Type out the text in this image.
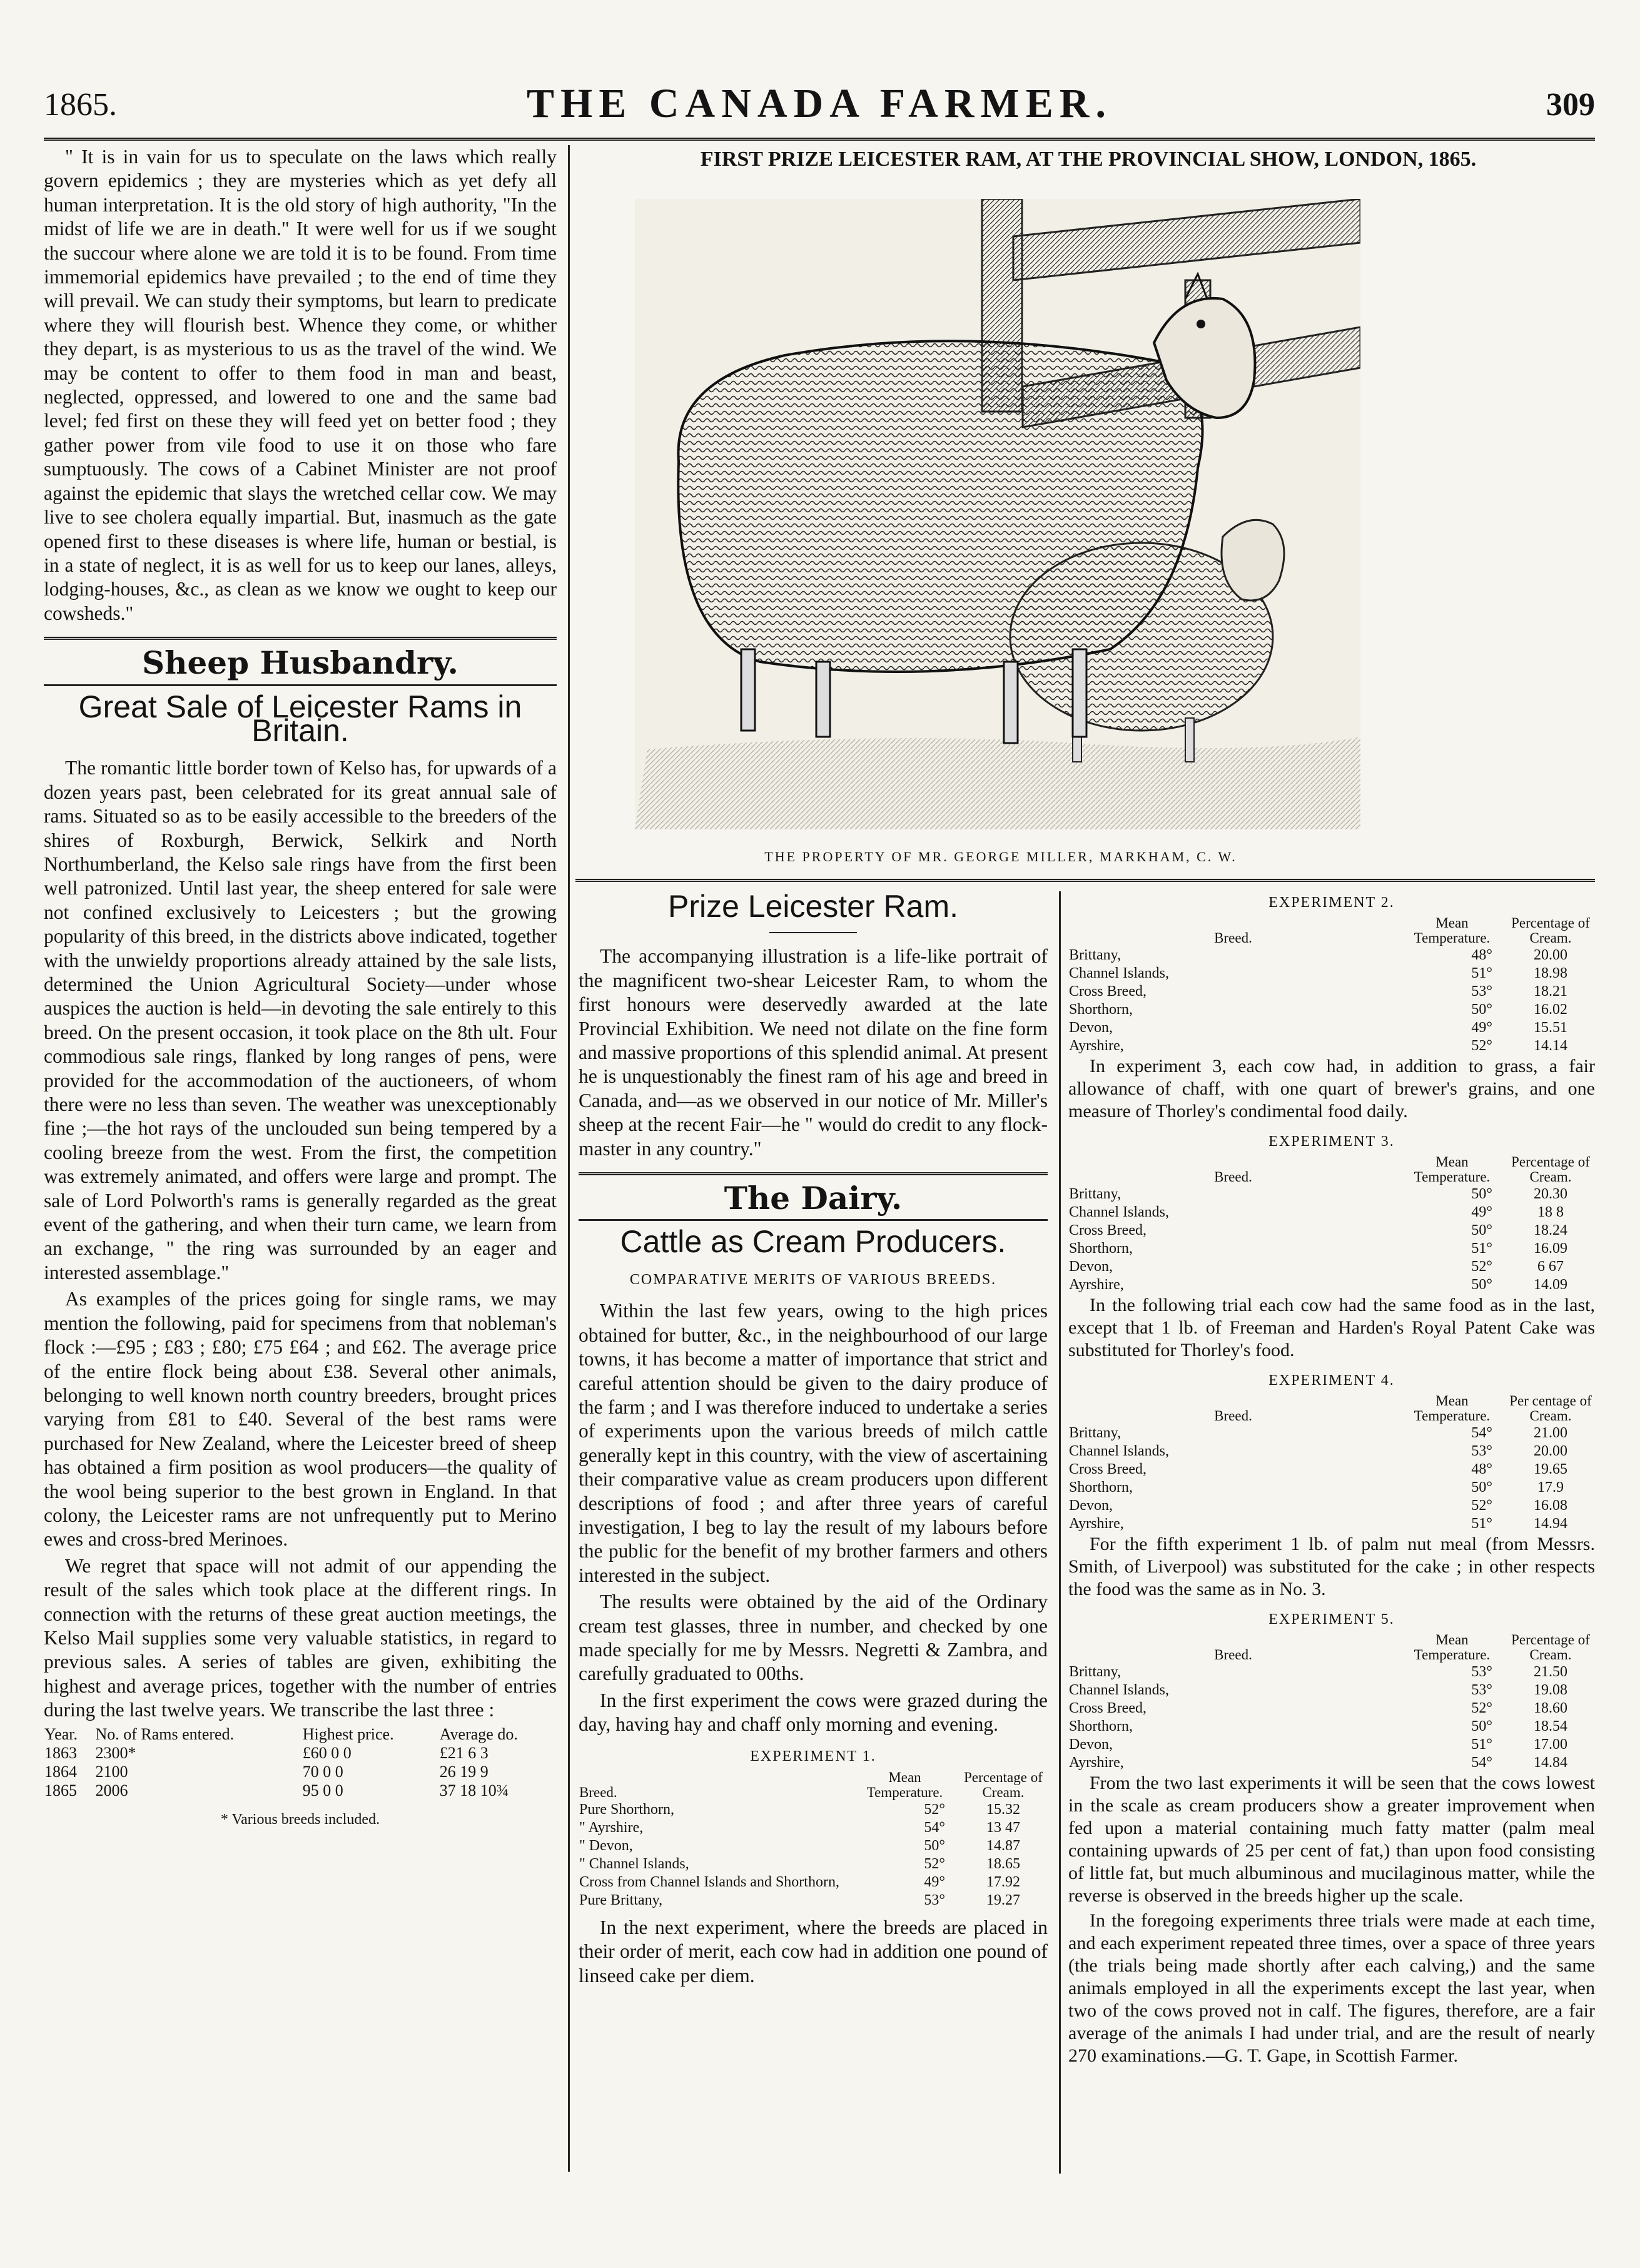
1865.	THE CANADA FARMER.	309

" It is in vain for us to speculate on the laws which really govern epidemics ; they are mysteries which as yet defy all human interpretation. It is the old story of high authority, "In the midst of life we are in death." It were well for us if we sought the succour where alone we are told it is to be found. From time immemorial epidemics have prevailed ; to the end of time they will prevail. We can study their symptoms, but learn to predicate where they will flourish best. Whence they come, or whither they depart, is as mysterious to us as the travel of the wind. We may be content to offer to them food in man and beast, neglected, oppressed, and lowered to one and the same bad level; fed first on these they will feed yet on better food ; they gather power from vile food to use it on those who fare sumptuously. The cows of a Cabinet Minister are not proof against the epidemic that slays the wretched cellar cow. We may live to see cholera equally impartial. But, inasmuch as the gate opened first to these diseases is where life, human or bestial, is in a state of neglect, it is as well for us to keep our lanes, alleys, lodging-houses, &c., as clean as we know we ought to keep our cowsheds."

Sheep Husbandry.
Great Sale of Leicester Rams in Britain.

The romantic little border town of Kelso has, for upwards of a dozen years past, been celebrated for its great annual sale of rams. Situated so as to be easily accessible to the breeders of the shires of Roxburgh, Berwick, Selkirk and North Northumberland, the Kelso sale rings have from the first been well patronized. Until last year, the sheep entered for sale were not confined exclusively to Leicesters ; but the growing popularity of this breed, in the districts above indicated, together with the unwieldy proportions already attained by the sale lists, determined the Union Agricultural Society—under whose auspices the auction is held—in devoting the sale entirely to this breed. On the present occasion, it took place on the 8th ult. Four commodious sale rings, flanked by long ranges of pens, were provided for the accommodation of the auctioneers, of whom there were no less than seven. The weather was unexceptionably fine ;—the hot rays of the unclouded sun being tempered by a cooling breeze from the west. From the first, the competition was extremely animated, and offers were large and prompt. The sale of Lord Polworth's rams is generally regarded as the great event of the gathering, and when their turn came, we learn from an exchange, " the ring was surrounded by an eager and interested assemblage."

As examples of the prices going for single rams, we may mention the following, paid for specimens from that nobleman's flock :—£95 ; £83 ; £80; £75 £64 ; and £62. The average price of the entire flock being about £38. Several other animals, belonging to well known north country breeders, brought prices varying from £81 to £40. Several of the best rams were purchased for New Zealand, where the Leicester breed of sheep has obtained a firm position as wool producers—the quality of the wool being superior to the best grown in England. In that colony, the Leicester rams are not unfrequently put to Merino ewes and cross-bred Merinoes.

We regret that space will not admit of our appending the result of the sales which took place at the different rings. In connection with the returns of these great auction meetings, the Kelso Mail supplies some very valuable statistics, in regard to previous sales. A series of tables are given, exhibiting the highest and average prices, together with the number of entries during the last twelve years. We transcribe the last three :

Year.	No. of Rams entered.	Highest price.	Average do.
1863	2300*	£60 0 0	£21 6 3
1864	2100	70 0 0	26 19 9
1865	2006	95 0 0	37 18 10¾
* Various breeds included.
FIRST PRIZE LEICESTER RAM, AT THE PROVINCIAL SHOW, LONDON, 1865.
THE PROPERTY OF MR. GEORGE MILLER, MARKHAM, C. W.
Prize Leicester Ram.

The accompanying illustration is a life-like portrait of the magnificent two-shear Leicester Ram, to whom the first honours were deservedly awarded at the late Provincial Exhibition. We need not dilate on the fine form and massive proportions of this splendid animal. At present he is unquestionably the finest ram of his age and breed in Canada, and—as we observed in our notice of Mr. Miller's sheep at the recent Fair—he " would do credit to any flock-master in any country."

The Dairy.
Cattle as Cream Producers.
COMPARATIVE MERITS OF VARIOUS BREEDS.

Within the last few years, owing to the high prices obtained for butter, &c., in the neighbourhood of our large towns, it has become a matter of importance that strict and careful attention should be given to the dairy produce of the farm ; and I was therefore induced to undertake a series of experiments upon the various breeds of milch cattle generally kept in this country, with the view of ascertaining their comparative value as cream producers upon different descriptions of food ; and after three years of careful investigation, I beg to lay the result of my labours before the public for the benefit of my brother farmers and others interested in the subject.

The results were obtained by the aid of the Ordinary cream test glasses, three in number, and checked by one made specially for me by Messrs. Negretti & Zambra, and carefully graduated to 00ths.

In the first experiment the cows were grazed during the day, having hay and chaff only morning and evening.

EXPERIMENT 1.
Breed.	Mean Temperature.	Percentage of Cream.
Pure Shorthorn,	52°	15.32
" Ayrshire,	54°	13 47
" Devon,	50°	14.87
" Channel Islands,	52°	18.65
Cross from Channel Islands and Shorthorn,	49°	17.92
Pure Brittany,	53°	19.27

In the next experiment, where the breeds are placed in their order of merit, each cow had in addition one pound of linseed cake per diem.

EXPERIMENT 2.
Breed.	Mean Temperature.	Percentage of Cream.
Brittany,	48°	20.00
Channel Islands,	51°	18.98
Cross Breed,	53°	18.21
Shorthorn,	50°	16.02
Devon,	49°	15.51
Ayrshire,	52°	14.14

In experiment 3, each cow had, in addition to grass, a fair allowance of chaff, with one quart of brewer's grains, and one measure of Thorley's condimental food daily.

EXPERIMENT 3.
Breed.	Mean Temperature.	Percentage of Cream.
Brittany,	50°	20.30
Channel Islands,	49°	18 8
Cross Breed,	50°	18.24
Shorthorn,	51°	16.09
Devon,	52°	6 67
Ayrshire,	50°	14.09

In the following trial each cow had the same food as in the last, except that 1 lb. of Freeman and Harden's Royal Patent Cake was substituted for Thorley's food.

EXPERIMENT 4.
Breed.	Mean Temperature.	Per centage of Cream.
Brittany,	54°	21.00
Channel Islands,	53°	20.00
Cross Breed,	48°	19.65
Shorthorn,	50°	17.9
Devon,	52°	16.08
Ayrshire,	51°	14.94

For the fifth experiment 1 lb. of palm nut meal (from Messrs. Smith, of Liverpool) was substituted for the cake ; in other respects the food was the same as in No. 3.

EXPERIMENT 5.
Breed.	Mean Temperature.	Percentage of Cream.
Brittany,	53°	21.50
Channel Islands,	53°	19.08
Cross Breed,	52°	18.60
Shorthorn,	50°	18.54
Devon,	51°	17.00
Ayrshire,	54°	14.84

From the two last experiments it will be seen that the cows lowest in the scale as cream producers show a greater improvement when fed upon a material containing much fatty matter (palm meal containing upwards of 25 per cent of fat,) than upon food consisting of little fat, but much albuminous and mucilaginous matter, while the reverse is observed in the breeds higher up the scale.

In the foregoing experiments three trials were made at each time, and each experiment repeated three times, over a space of three years (the trials being made shortly after each calving,) and the same animals employed in all the experiments except the last year, when two of the cows proved not in calf. The figures, therefore, are a fair average of the animals I had under trial, and are the result of nearly 270 examinations.—G. T. Gape, in Scottish Farmer.
